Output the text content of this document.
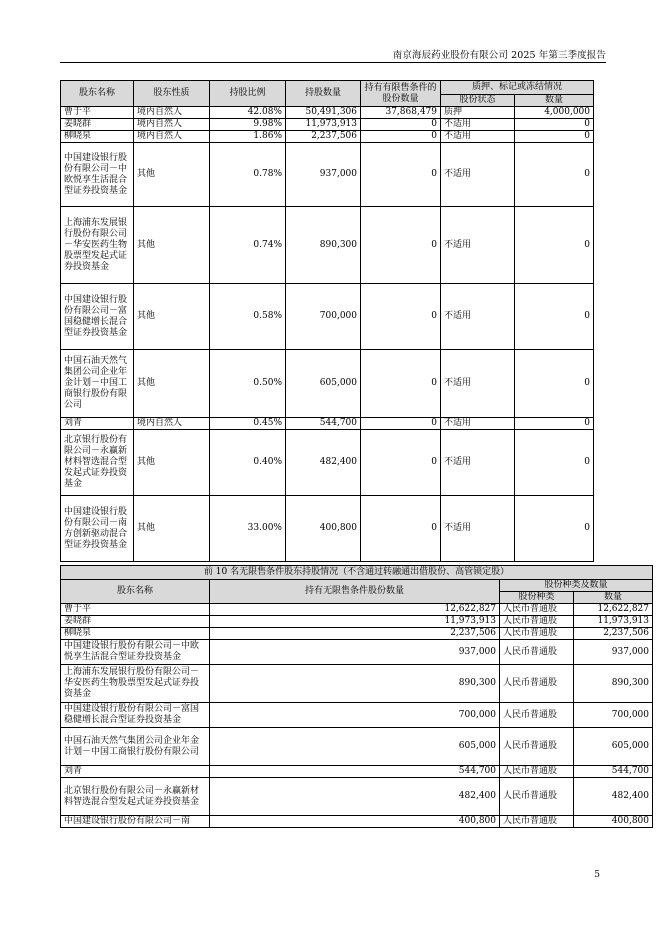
南京海辰药业股份有限公司 2025 年第三季度报告
股东名称	股东性质	持股比例	持股数量	持有有限售条件的股份数量	质押、标记或冻结情况	
					股份状态	数量
曹于平	境内自然人	42.08%	50,491,306	37,868,479	质押	4,000,000
姜晓群	境内自然人	9.98%	11,973,913	0	不适用	0
柳晓泉	境内自然人	1.86%	2,237,506	0	不适用	0
中国建设银行股份有限公司－中欧悦享生活混合型证券投资基金	其他	0.78%	937,000	0	不适用	0
上海浦东发展银行股份有限公司－华安医药生物股票型发起式证券投资基金	其他	0.74%	890,300	0	不适用	0
中国建设银行股份有限公司－富国稳健增长混合型证券投资基金	其他	0.58%	700,000	0	不适用	0
中国石油天然气集团公司企业年金计划－中国工商银行股份有限公司	其他	0.50%	605,000	0	不适用	0
刘青	境内自然人	0.45%	544,700	0	不适用	0
北京银行股份有限公司－永赢新材料智选混合型发起式证券投资基金	其他	0.40%	482,400	0	不适用	0
中国建设银行股份有限公司－南方创新驱动混合型证券投资基金	其他	33.00%	400,800	0	不适用	0
前 10 名无限售条件股东持股情况（不含通过转融通出借股份、高管锁定股）			
股东名称	持有无限售条件股份数量	股份种类及数量	
		股份种类	数量
曹于平	12,622,827	人民币普通股	12,622,827
姜晓群	11,973,913	人民币普通股	11,973,913
柳晓泉	2,237,506	人民币普通股	2,237,506
中国建设银行股份有限公司－中欧悦享生活混合型证券投资基金	937,000	人民币普通股	937,000
上海浦东发展银行股份有限公司－华安医药生物股票型发起式证券投资基金	890,300	人民币普通股	890,300
中国建设银行股份有限公司－富国稳健增长混合型证券投资基金	700,000	人民币普通股	700,000
中国石油天然气集团公司企业年金计划－中国工商银行股份有限公司	605,000	人民币普通股	605,000
刘青	544,700	人民币普通股	544,700
北京银行股份有限公司－永赢新材料智选混合型发起式证券投资基金	482,400	人民币普通股	482,400
中国建设银行股份有限公司－南	400,800	人民币普通股	400,800
5
